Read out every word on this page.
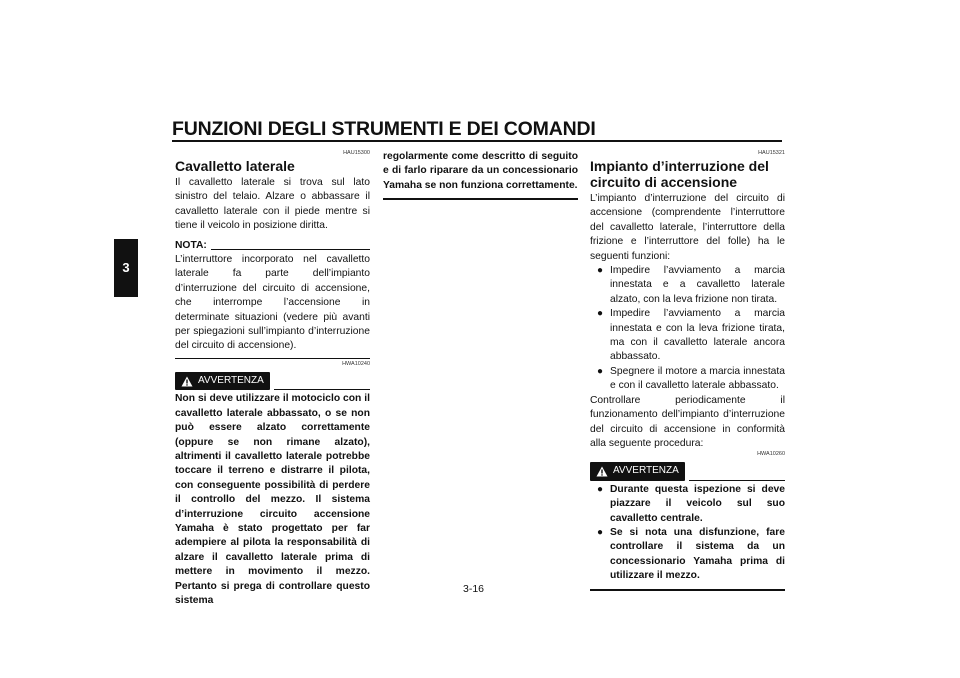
FUNZIONI DEGLI STRUMENTI E DEI COMANDI
3
HAU15300
Cavalletto laterale

Il cavalletto laterale si trova sul lato sinistro del telaio. Alzare o abbassare il cavalletto laterale con il piede mentre si tiene il veicolo in posizione diritta.

NOTA:

L’interruttore incorporato nel cavalletto laterale fa parte dell’impianto d’interruzione del circuito di accensione, che interrompe l’accensione in determinate situazioni (vedere più avanti per spiegazioni sull’impianto d’interruzione del circuito di accensione).

HWA10240
AVVERTENZA

Non si deve utilizzare il motociclo con il cavalletto laterale abbassato, o se non può essere alzato correttamente (oppure se non rimane alzato), altrimenti il cavalletto laterale potrebbe toccare il terreno e distrarre il pilota, con conseguente possibilità di perdere il controllo del mezzo. Il sistema d’interruzione circuito accensione Yamaha è stato progettato per far adempiere al pilota la responsabilità di alzare il cavalletto laterale prima di mettere in movimento il mezzo. Pertanto si prega di controllare questo sistema

regolarmente come descritto di seguito e di farlo riparare da un concessionario Yamaha se non funziona correttamente.

HAU15321
Impianto d’interruzione del circuito di accensione

L’impianto d’interruzione del circuito di accensione (comprendente l’interruttore del cavalletto laterale, l’interruttore della frizione e l’interruttore del folle) ha le seguenti funzioni:

● Impedire l’avviamento a marcia innestata e a cavalletto laterale alzato, con la leva frizione non tirata.
● Impedire l’avviamento a marcia innestata e con la leva frizione tirata, ma con il cavalletto laterale ancora abbassato.
● Spegnere il motore a marcia innestata e con il cavalletto laterale abbassato.

Controllare periodicamente il funzionamento dell’impianto d’interruzione del circuito di accensione in conformità alla seguente procedura:

HWA10260
AVVERTENZA
● Durante questa ispezione si deve piazzare il veicolo sul suo cavalletto centrale.
● Se si nota una disfunzione, fare controllare il sistema da un concessionario Yamaha prima di utilizzare il mezzo.
3-16
